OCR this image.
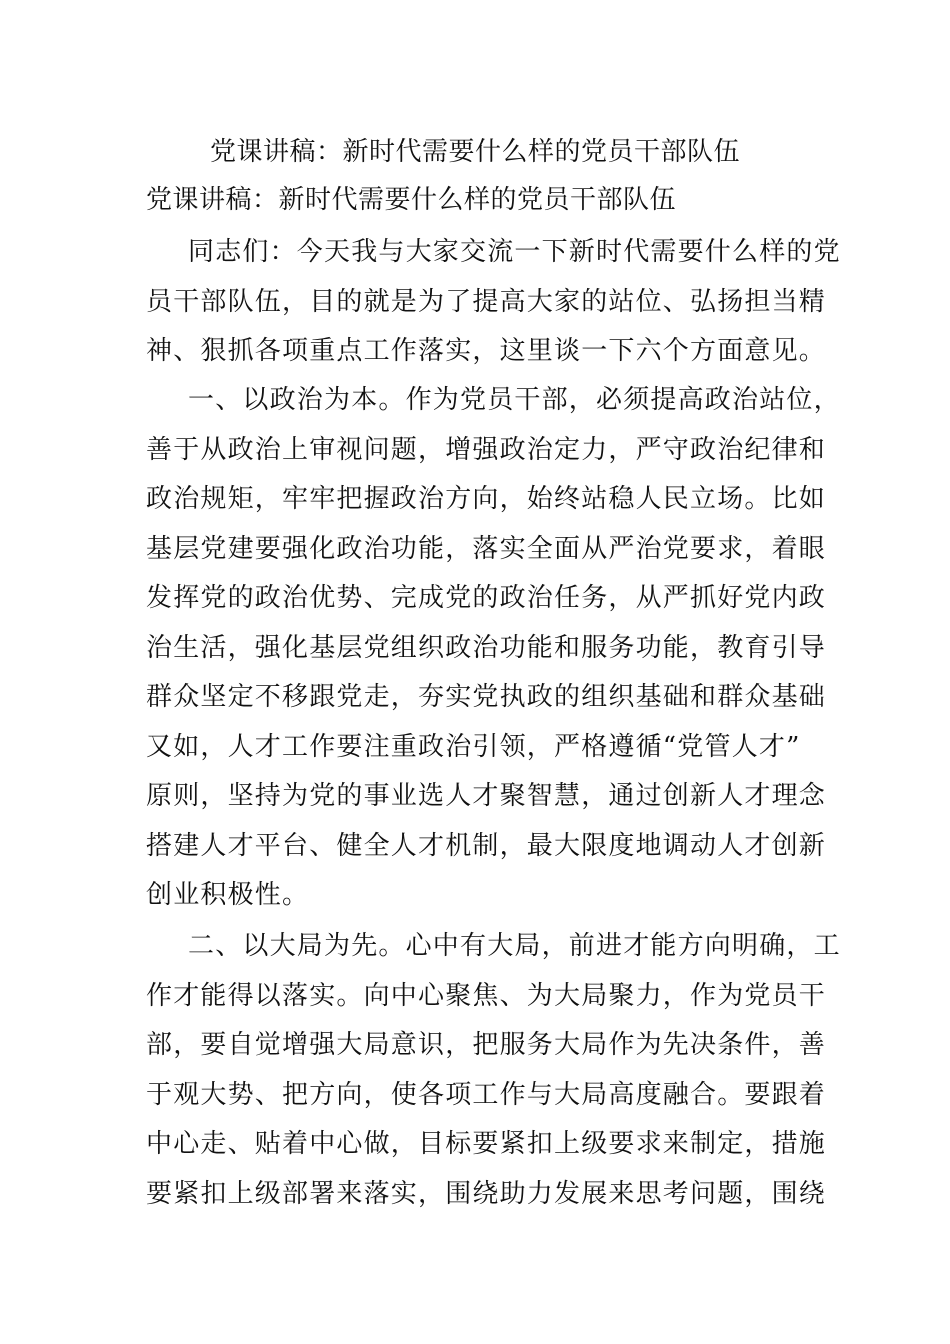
党课讲稿：新时代需要什么样的党员干部队伍
党课讲稿：新时代需要什么样的党员干部队伍
同志们：今天我与大家交流一下新时代需要什么样的党
员干部队伍，目的就是为了提高大家的站位、弘扬担当精
神、狠抓各项重点工作落实，这里谈一下六个方面意见。
一、以政治为本。作为党员干部，必须提高政治站位，
善于从政治上审视问题，增强政治定力，严守政治纪律和
政治规矩，牢牢把握政治方向，始终站稳人民立场。比如
基层党建要强化政治功能，落实全面从严治党要求，着眼
发挥党的政治优势、完成党的政治任务，从严抓好党内政
治生活，强化基层党组织政治功能和服务功能，教育引导
群众坚定不移跟党走，夯实党执政的组织基础和群众基础
又如，人才工作要注重政治引领，严格遵循“党管人才”
原则，坚持为党的事业选人才聚智慧，通过创新人才理念
搭建人才平台、健全人才机制，最大限度地调动人才创新
创业积极性。
二、以大局为先。心中有大局，前进才能方向明确，工
作才能得以落实。向中心聚焦、为大局聚力，作为党员干
部，要自觉增强大局意识，把服务大局作为先决条件，善
于观大势、把方向，使各项工作与大局高度融合。要跟着
中心走、贴着中心做，目标要紧扣上级要求来制定，措施
要紧扣上级部署来落实，围绕助力发展来思考问题，围绕
